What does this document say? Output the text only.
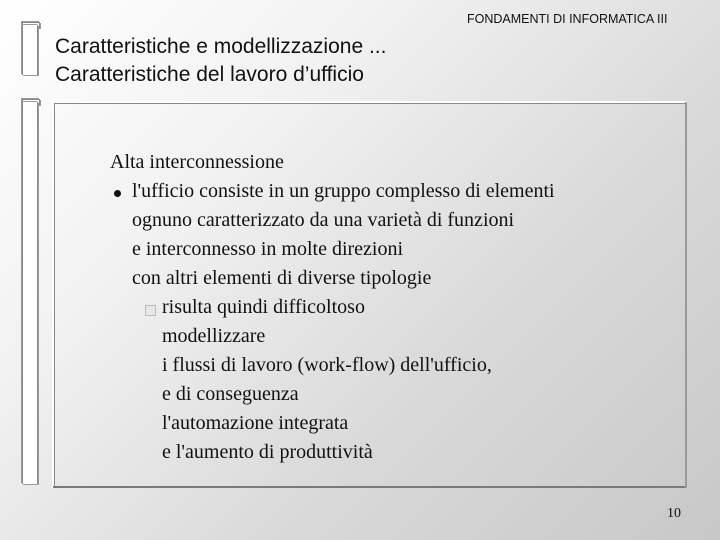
FONDAMENTI DI INFORMATICA III
Caratteristiche e modellizzazione ...
Caratteristiche del lavoro d’ufficio
Alta interconnessione
l'ufficio consiste in un gruppo complesso di elementi
ognuno caratterizzato da una varietà di funzioni
e interconnesso in molte direzioni
con altri elementi di diverse tipologie
risulta quindi difficoltoso
modellizzare
i flussi di lavoro (work-flow) dell'ufficio,
e di conseguenza
l'automazione integrata
e l'aumento di produttività
10
